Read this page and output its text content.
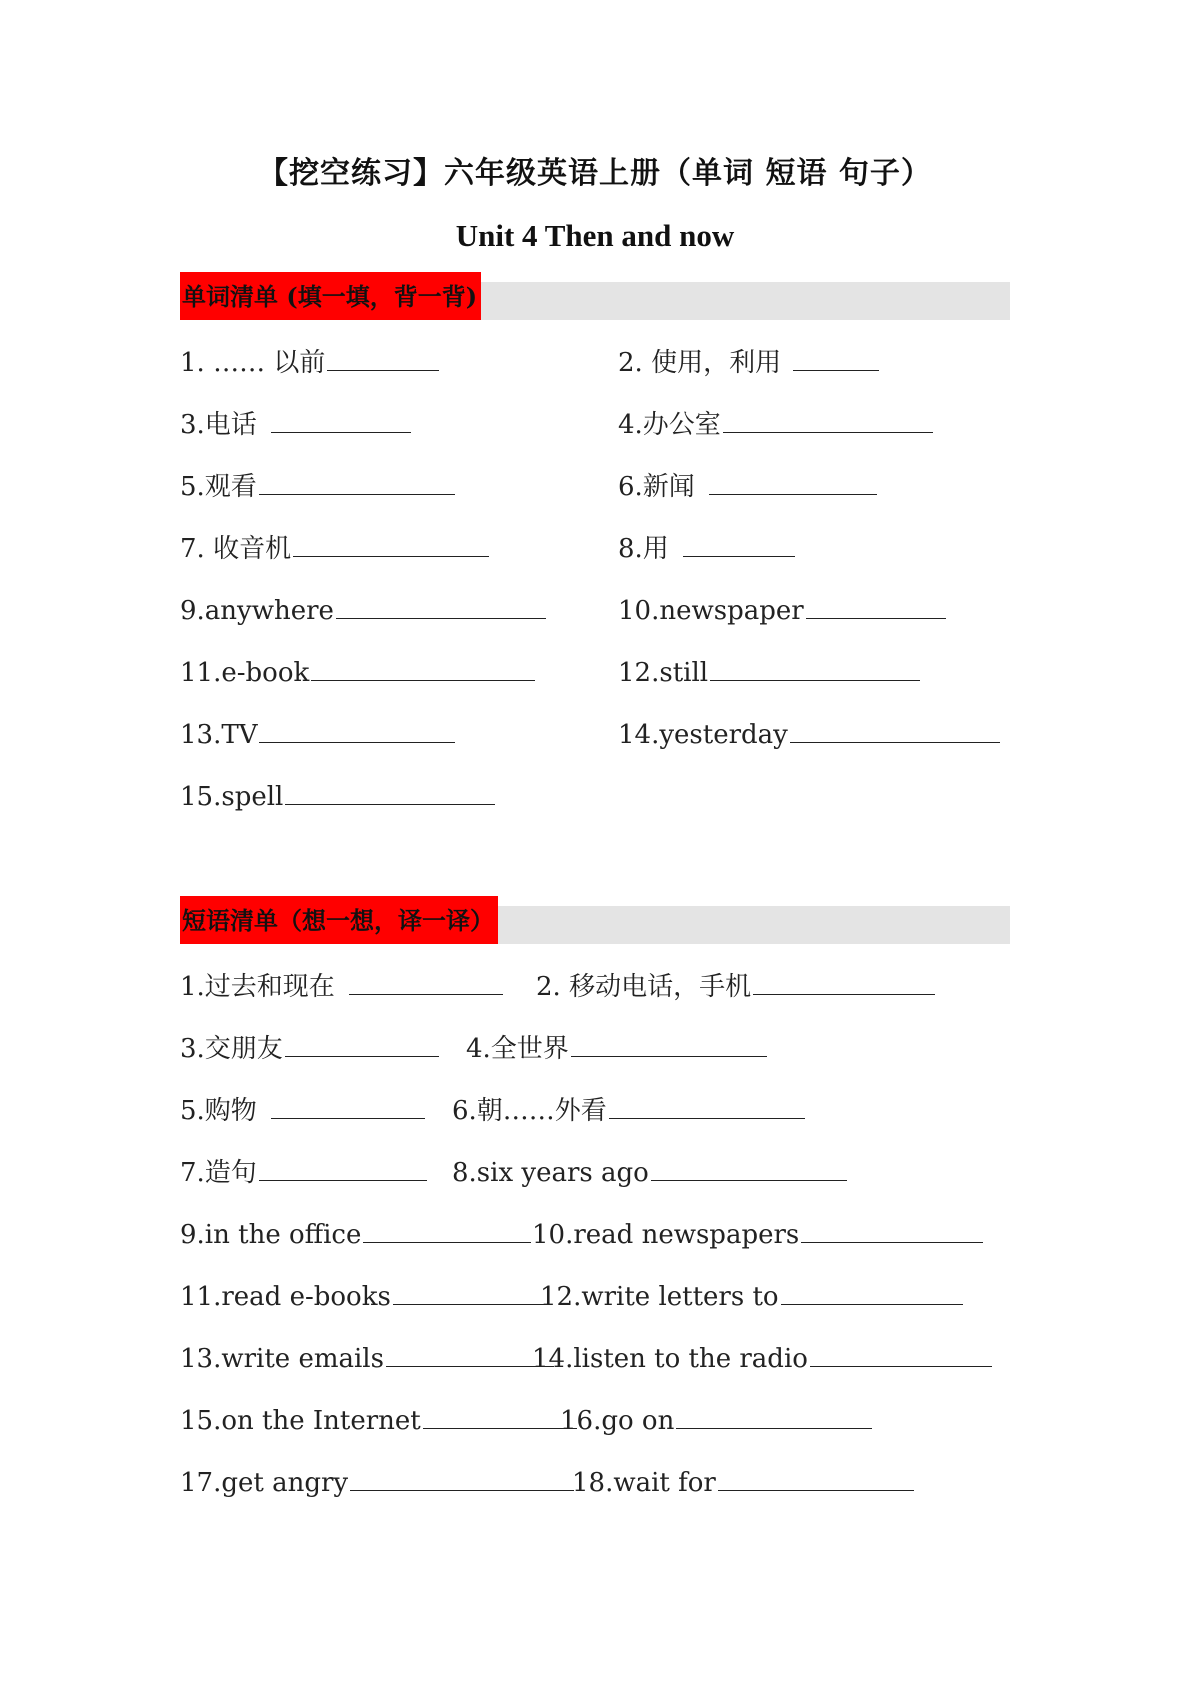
【挖空练习】六年级英语上册（单词 短语 句子）
Unit 4 Then and now
单词清单 (填一填，背一背)
1. …… 以前	2. 使用，利用
3.电话	4.办公室
5.观看	6.新闻
7. 收音机	8.用
9.anywhere	10.newspaper
11.e-book	12.still
13.TV	14.yesterday
15.spell
短语清单（想一想，译一译）
1.过去和现在	2. 移动电话，手机
3.交朋友	4.全世界
5.购物	6.朝……外看
7.造句	8.six years ago
9.in the office	10.read newspapers
11.read e-books	12.write letters to
13.write emails	14.listen to the radio
15.on the Internet	16.go on
17.get angry	18.wait for
